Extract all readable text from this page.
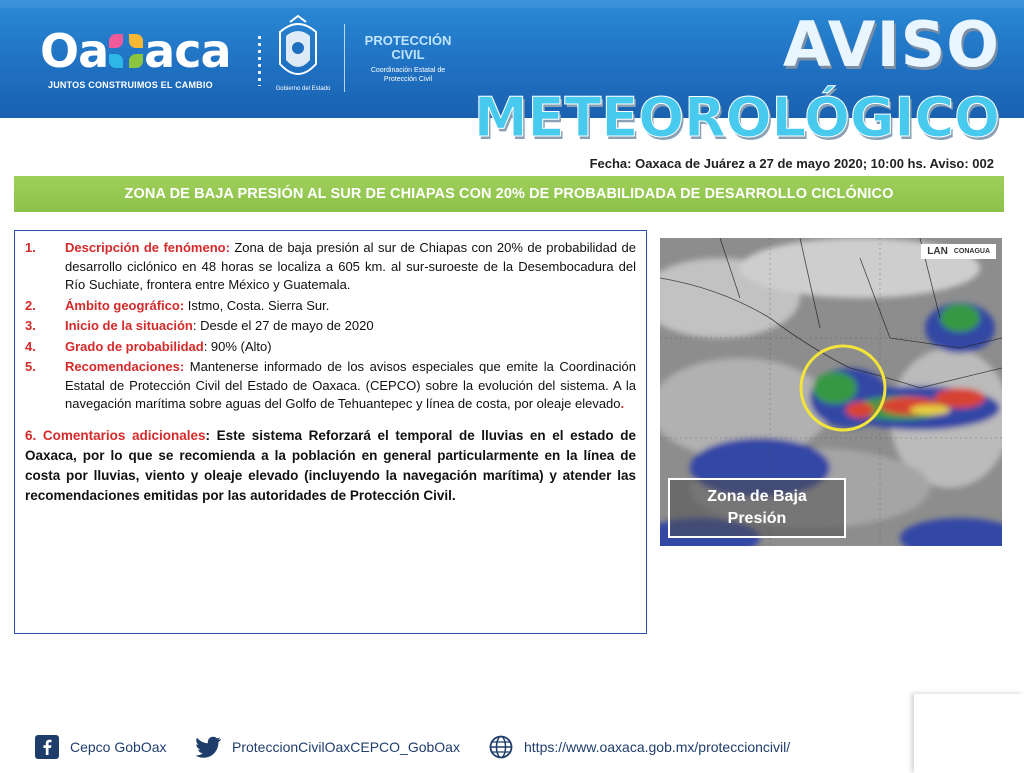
Oa aca
JUNTOS CONSTRUIMOS EL CAMBIO	Gobierno del Estado
PROTECCIÓN
CIVIL
Coordinación Estatal de
Protección Civil	AVISO
METEOROLÓGICO
Fecha: Oaxaca de Juárez a 27 de mayo 2020; 10:00 hs. Aviso: 002
ZONA DE BAJA PRESIÓN AL SUR DE CHIAPAS CON 20% DE PROBABILIDADA DE DESARROLLO CICLÓNICO
1.	Descripción de fenómeno: Zona de baja presión al sur de Chiapas con 20% de probabilidad de desarrollo ciclónico en 48 horas se localiza a 605 km. al sur-suroeste de la Desembocadura del Río Suchiate, frontera entre México y Guatemala.
2.	Ámbito geográfico: Istmo, Costa. Sierra Sur.
3.	Inicio de la situación: Desde el 27 de mayo de 2020
4.	Grado de probabilidad: 90% (Alto)
5.	Recomendaciones: Mantenerse informado de los avisos especiales que emite la Coordinación Estatal de Protección Civil del Estado de Oaxaca. (CEPCO) sobre la evolución del sistema. A la navegación marítima sobre aguas del Golfo de Tehuantepec y línea de costa, por oleaje elevado.
6. Comentarios adicionales: Este sistema Reforzará el temporal de lluvias en el estado de Oaxaca, por lo que se recomienda a la población en general particularmente en la línea de costa por lluvias, viento y oleaje elevado (incluyendo la navegación marítima) y atender las recomendaciones emitidas por las autoridades de Protección Civil.
LAN CONAGUA
Zona de Baja
Presión
Cepco GobOax	ProteccionCivilOaxCEPCO_GobOax	https://www.oaxaca.gob.mx/proteccioncivil/
